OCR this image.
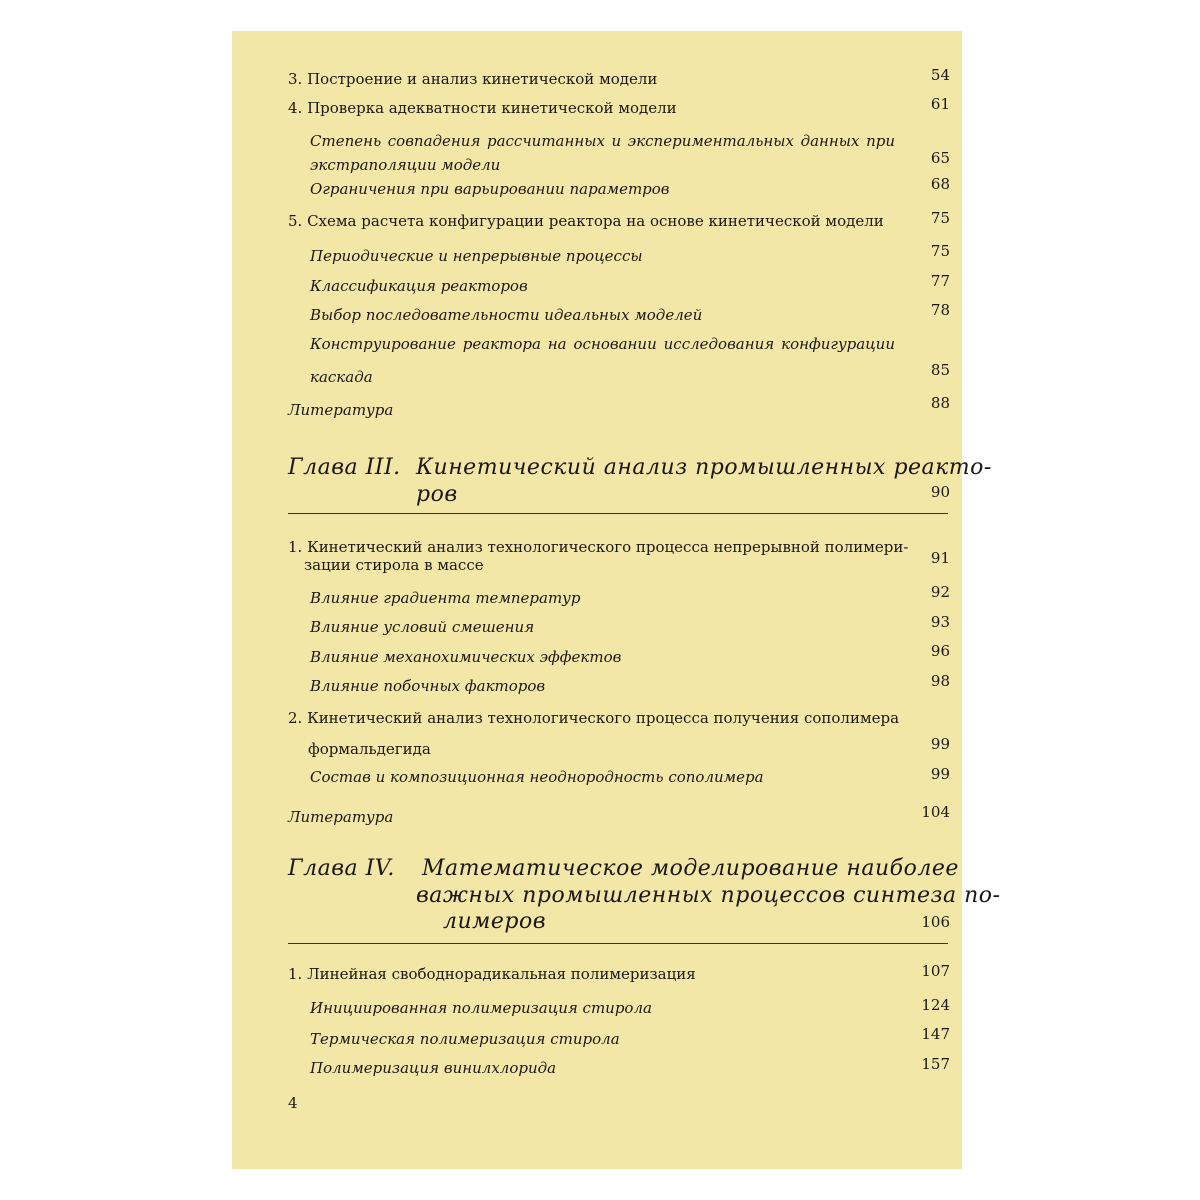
3. Построение и анализ кинетической модели	54
4. Проверка адекватности кинетической модели	61
Степень совпадения рассчитанных и экспериментальных данных при
экстраполяции модели	65
Ограничения при варьировании параметров	68
5. Схема расчета конфигурации реактора на основе кинетической модели	75
Периодические и непрерывные процессы	75
Классификация реакторов	77
Выбор последовательности идеальных моделей	78
Конструирование реактора на основании исследования конфигурации
каскада	85
Литература	88
Глава III. Кинетический анализ промышленных реакто-
ров	90
1. Кинетический анализ технологического процесса непрерывной полимери-
зации стирола в массе	91
Влияние градиента температур	92
Влияние условий смешения	93
Влияние механохимических эффектов	96
Влияние побочных факторов	98
2. Кинетический анализ технологического процесса получения сополимера
формальдегида	99
Состав и композиционная неоднородность сополимера	99
Литература	104
Глава IV. Математическое моделирование наиболее
важных промышленных процессов синтеза по-
лимеров	106
1. Линейная свободнорадикальная полимеризация	107
Инициированная полимеризация стирола	124
Термическая полимеризация стирола	147
Полимеризация винилхлорида	157
4
